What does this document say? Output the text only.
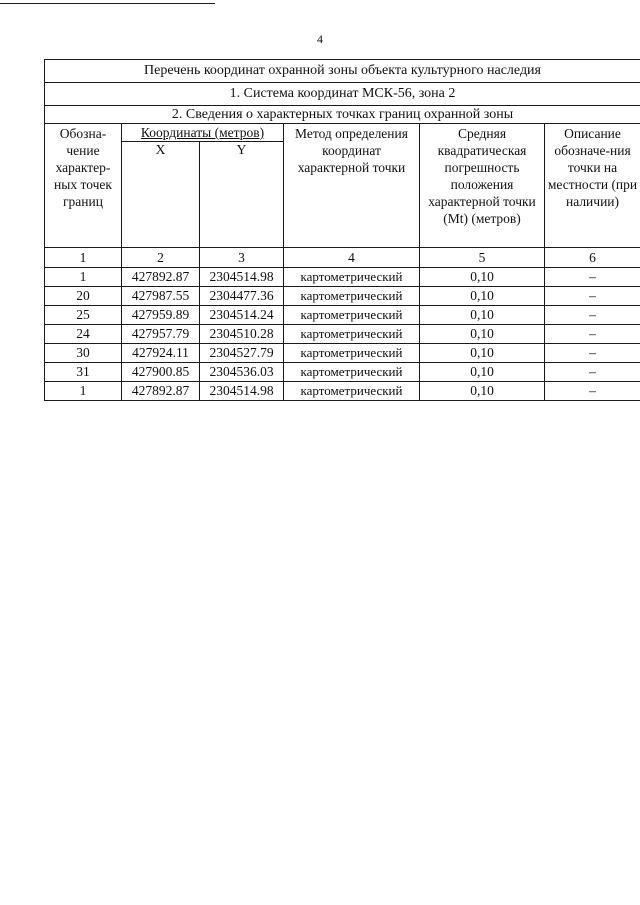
4
Перечень координат охранной зоны объекта культурного наследия					
1. Система координат МСК-56, зона 2					
2. Сведения о характерных точках границ охранной зоны					
Обозна-чение характер-ных точек границ	Координаты (метров)		Метод определения координат характерной точки	Средняя квадратическая погрешность положения характерной точки (Mt) (метров)	Описание обозначе-ния точки на местности (при наличии)
	X	Y			
1	2	3	4	5	6
1	427892.87	2304514.98	картометрический	0,10	–
20	427987.55	2304477.36	картометрический	0,10	–
25	427959.89	2304514.24	картометрический	0,10	–
24	427957.79	2304510.28	картометрический	0,10	–
30	427924.11	2304527.79	картометрический	0,10	–
31	427900.85	2304536.03	картометрический	0,10	–
1	427892.87	2304514.98	картометрический	0,10	–
